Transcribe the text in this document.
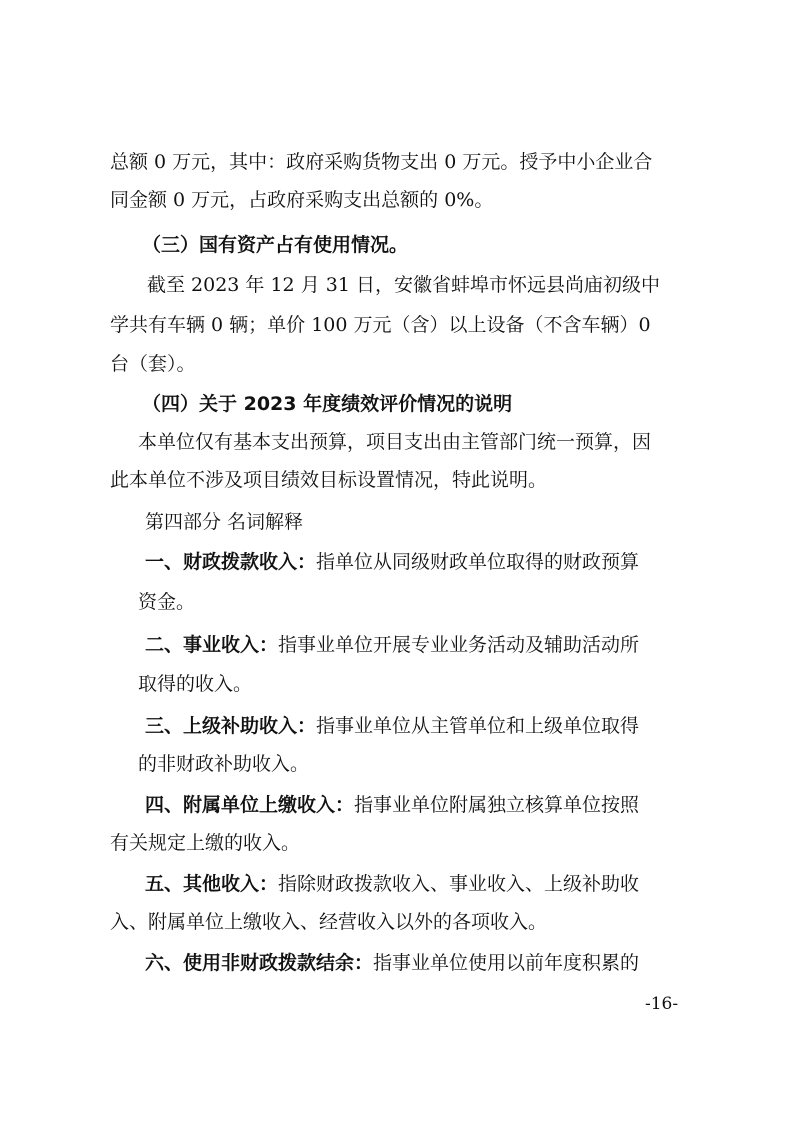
总额 0 万元，其中：政府采购货物支出 0 万元。授予中小企业合
同金额 0 万元，占政府采购支出总额的 0%。
（三）国有资产占有使用情况。
截至 2023 年 12 月 31 日，安徽省蚌埠市怀远县尚庙初级中
学共有车辆 0 辆；单价 100 万元（含）以上设备（不含车辆）0
台（套）。
（四）关于 2023 年度绩效评价情况的说明
本单位仅有基本支出预算，项目支出由主管部门统一预算，因
此本单位不涉及项目绩效目标设置情况，特此说明。
第四部分 名词解释
一、财政拨款收入：指单位从同级财政单位取得的财政预算
资金。
二、事业收入：指事业单位开展专业业务活动及辅助活动所
取得的收入。
三、上级补助收入：指事业单位从主管单位和上级单位取得
的非财政补助收入。
四、附属单位上缴收入：指事业单位附属独立核算单位按照
有关规定上缴的收入。
五、其他收入：指除财政拨款收入、事业收入、上级补助收
入、附属单位上缴收入、经营收入以外的各项收入。
六、使用非财政拨款结余：指事业单位使用以前年度积累的
-16-
